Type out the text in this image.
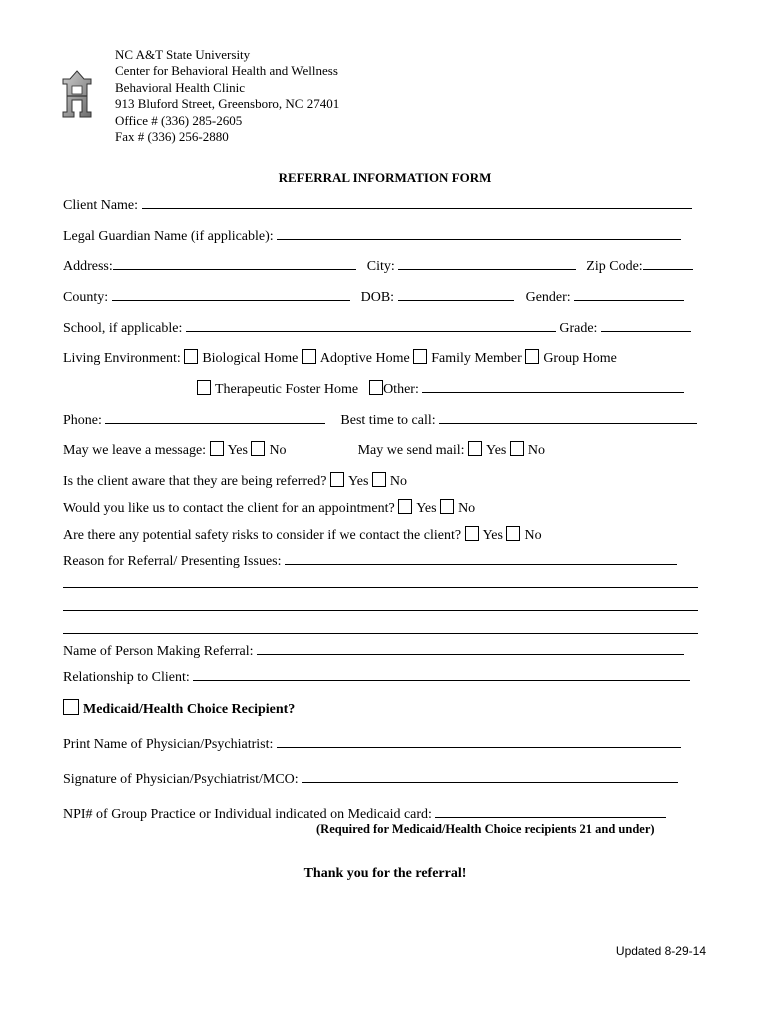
NC A&T State University
Center for Behavioral Health and Wellness
Behavioral Health Clinic
913 Bluford Street, Greensboro, NC 27401
Office # (336) 285-2605
Fax # (336) 256-2880
REFERRAL INFORMATION FORM
Client Name:
Legal Guardian Name (if applicable):
Address:	City:	Zip Code:
County:	DOB:	Gender:
School, if applicable:	Grade:
Living Environment: Biological Home Adoptive Home Family Member Group Home
Therapeutic Foster Home Other:
Phone:	Best time to call:
May we leave a message: Yes No	May we send mail: Yes No
Is the client aware that they are being referred? Yes No
Would you like us to contact the client for an appointment? Yes No
Are there any potential safety risks to consider if we contact the client? Yes No
Reason for Referral/ Presenting Issues:
Name of Person Making Referral:
Relationship to Client:
Medicaid/Health Choice Recipient?
Print Name of Physician/Psychiatrist:
Signature of Physician/Psychiatrist/MCO:
NPI# of Group Practice or Individual indicated on Medicaid card:
(Required for Medicaid/Health Choice recipients 21 and under)
Thank you for the referral!
Updated 8-29-14
